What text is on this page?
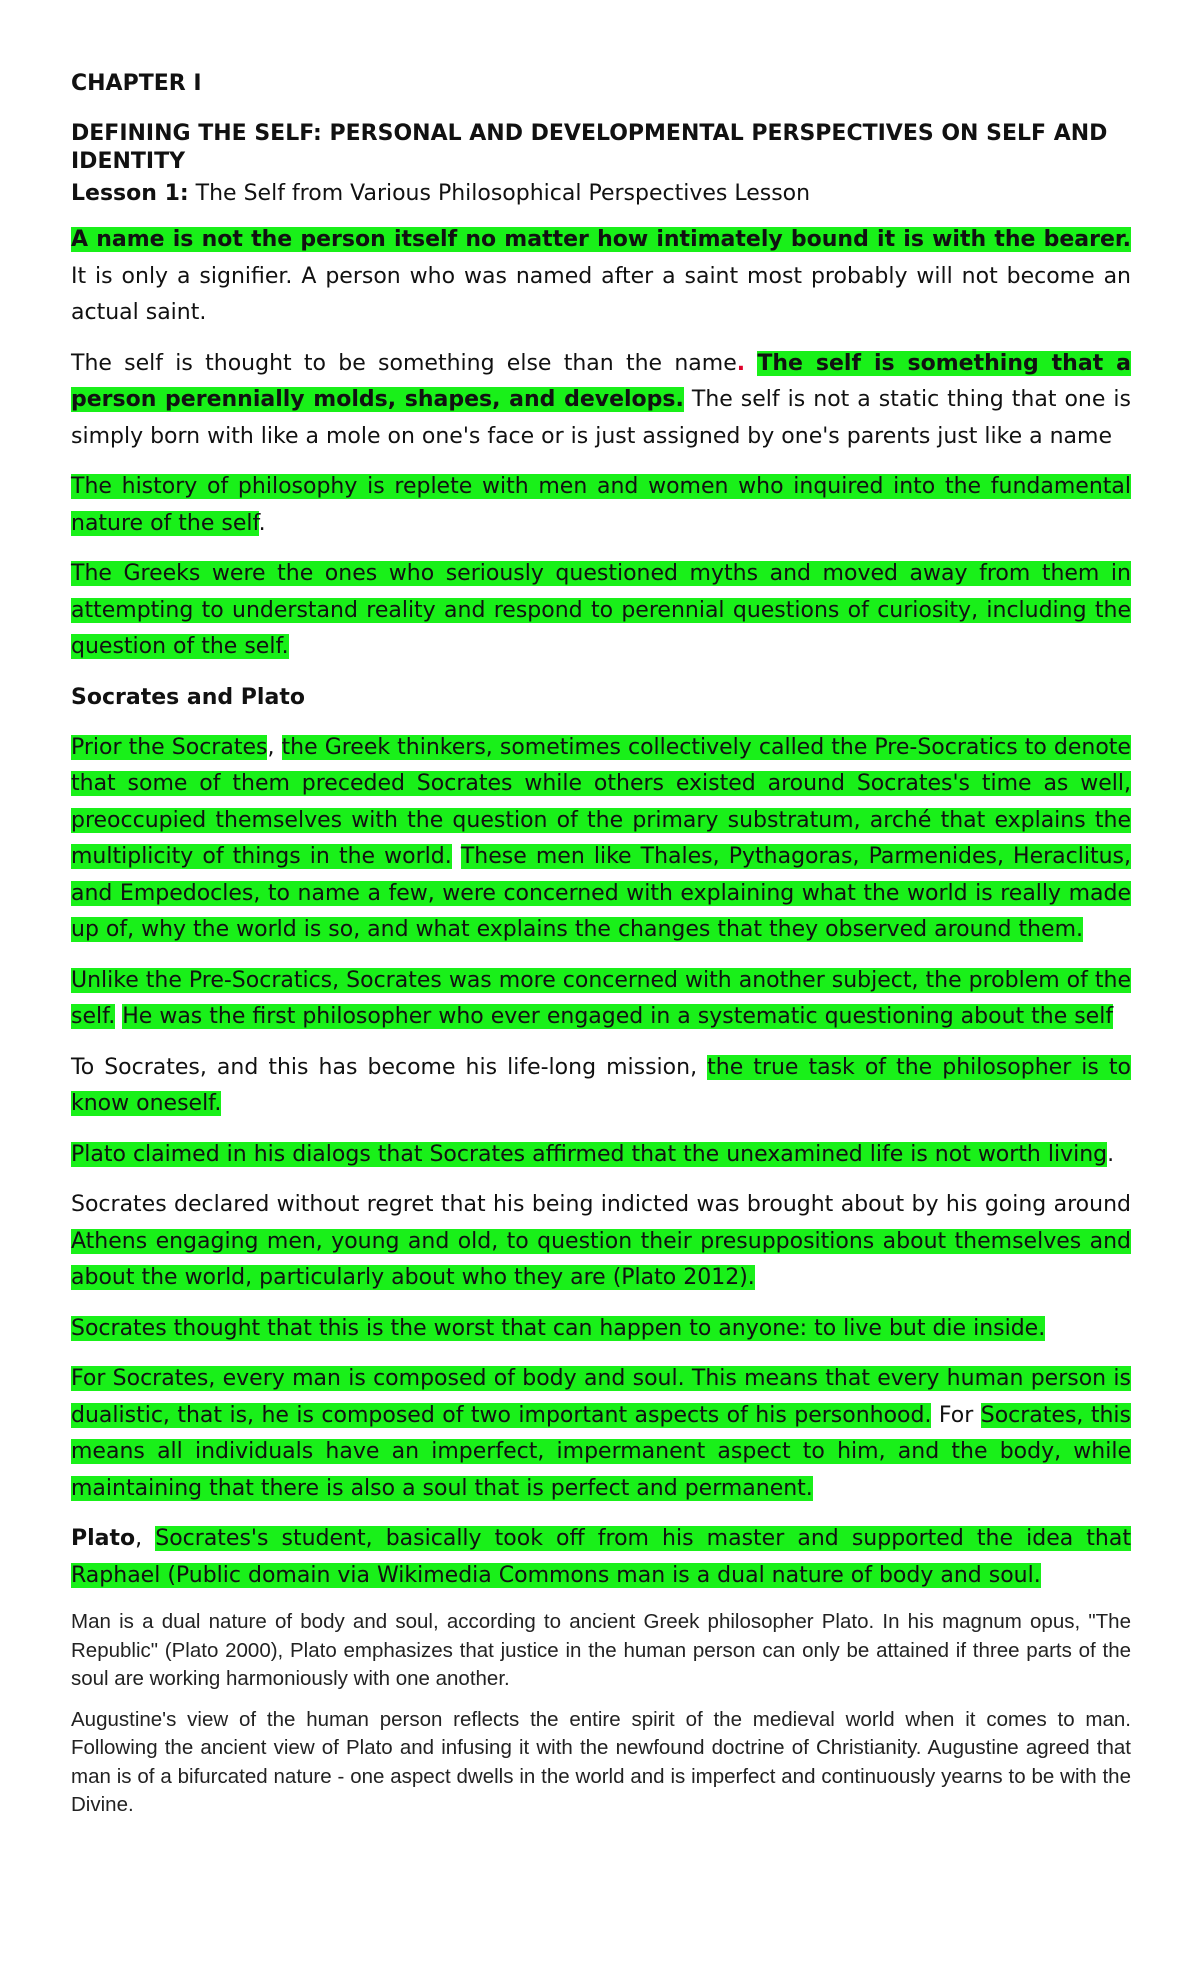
CHAPTER I

DEFINING THE SELF: PERSONAL AND DEVELOPMENTAL PERSPECTIVES ON SELF AND IDENTITY

Lesson 1: The Self from Various Philosophical Perspectives Lesson

A name is not the person itself no matter how intimately bound it is with the bearer. It is only a signifier. A person who was named after a saint most probably will not become an actual saint.

The self is thought to be something else than the name. The self is something that a person perennially molds, shapes, and develops. The self is not a static thing that one is simply born with like a mole on one's face or is just assigned by one's parents just like a name

The history of philosophy is replete with men and women who inquired into the fundamental nature of the self.

The Greeks were the ones who seriously questioned myths and moved away from them in attempting to understand reality and respond to perennial questions of curiosity, including the question of the self.

Socrates and Plato

Prior the Socrates, the Greek thinkers, sometimes collectively called the Pre-Socratics to denote that some of them preceded Socrates while others existed around Socrates's time as well, preoccupied themselves with the question of the primary substratum, arché that explains the multiplicity of things in the world. These men like Thales, Pythagoras, Parmenides, Heraclitus, and Empedocles, to name a few, were concerned with explaining what the world is really made up of, why the world is so, and what explains the changes that they observed around them.

Unlike the Pre-Socratics, Socrates was more concerned with another subject, the problem of the self. He was the first philosopher who ever engaged in a systematic questioning about the self

To Socrates, and this has become his life-long mission, the true task of the philosopher is to know oneself.

Plato claimed in his dialogs that Socrates affirmed that the unexamined life is not worth living.

Socrates declared without regret that his being indicted was brought about by his going around Athens engaging men, young and old, to question their presuppositions about themselves and about the world, particularly about who they are (Plato 2012).

Socrates thought that this is the worst that can happen to anyone: to live but die inside.

For Socrates, every man is composed of body and soul. This means that every human person is dualistic, that is, he is composed of two important aspects of his personhood. For Socrates, this means all individuals have an imperfect, impermanent aspect to him, and the body, while maintaining that there is also a soul that is perfect and permanent.

Plato, Socrates's student, basically took off from his master and supported the idea that Raphael (Public domain via Wikimedia Commons man is a dual nature of body and soul.

Man is a dual nature of body and soul, according to ancient Greek philosopher Plato. In his magnum opus, "The Republic" (Plato 2000), Plato emphasizes that justice in the human person can only be attained if three parts of the soul are working harmoniously with one another.

Augustine's view of the human person reflects the entire spirit of the medieval world when it comes to man. Following the ancient view of Plato and infusing it with the newfound doctrine of Christianity. Augustine agreed that man is of a bifurcated nature - one aspect dwells in the world and is imperfect and continuously yearns to be with the Divine.
